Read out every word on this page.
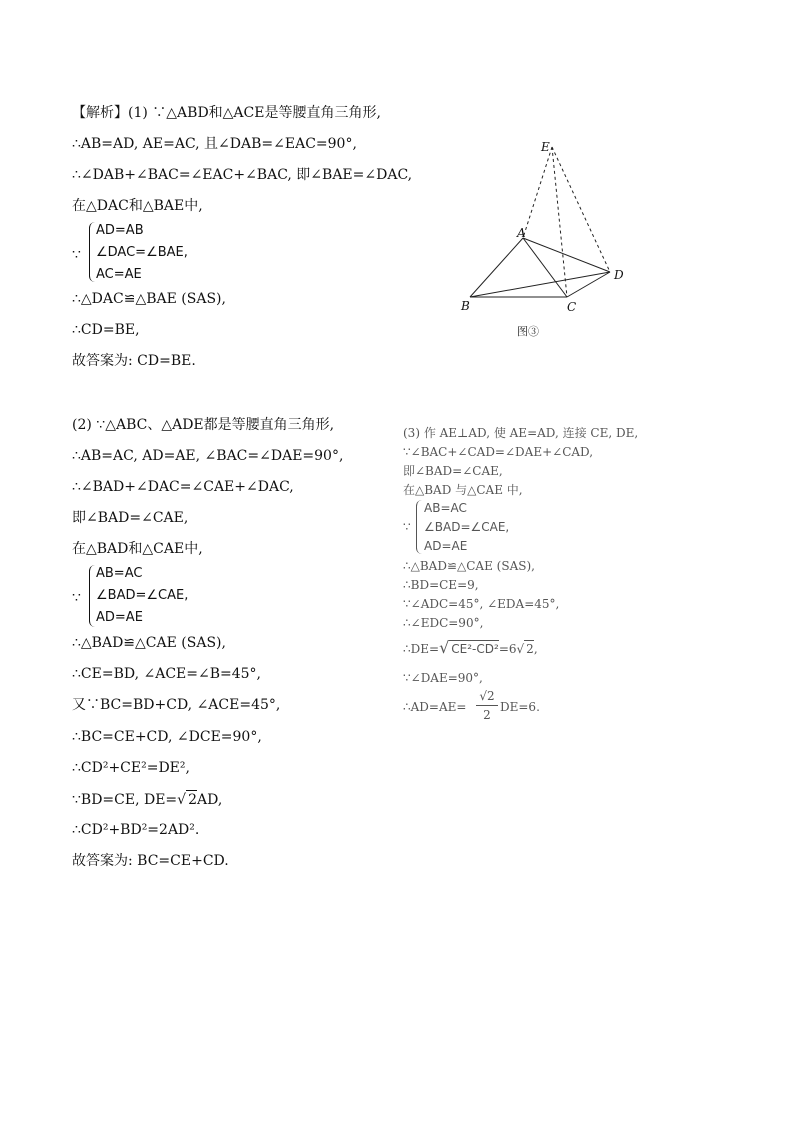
【解析】(1) ∵△ABD和△ACE是等腰直角三角形,
∴AB=AD, AE=AC, 且∠DAB=∠EAC=90°,
∴∠DAB+∠BAC=∠EAC+∠BAC, 即∠BAE=∠DAC,
在△DAC和△BAE中,
∵
AD=AB
∠DAC=∠BAE,
AC=AE
∴△DAC≌△BAE (SAS),
∴CD=BE,
故答案为: CD=BE.
E
A
D
B	C
图③
(2) ∵△ABC、△ADE都是等腰直角三角形,
∴AB=AC, AD=AE, ∠BAC=∠DAE=90°,
∴∠BAD+∠DAC=∠CAE+∠DAC,
即∠BAD=∠CAE,
在△BAD和△CAE中,
∵
AB=AC
∠BAD=∠CAE,
AD=AE
∴△BAD≌△CAE (SAS),
∴CE=BD, ∠ACE=∠B=45°,
又∵BC=BD+CD, ∠ACE=45°,
∴BC=CE+CD, ∠DCE=90°,
∴CD²+CE²=DE²,
∵BD=CE, DE=√ 2AD,
∴CD²+BD²=2AD².
故答案为: BC=CE+CD.
(3) 作 AE⊥AD, 使 AE=AD, 连接 CE, DE,
∵∠BAC+∠CAD=∠DAE+∠CAD,
即∠BAD=∠CAE,
在△BAD 与△CAE 中,
∵
AB=AC
∠BAD=∠CAE,
AD=AE
∴△BAD≌△CAE (SAS),
∴BD=CE=9,
∵∠ADC=45°, ∠EDA=45°,
∴∠EDC=90°,
∴DE=√ CE²-CD²=6√ 2,
∵∠DAE=90°,
∴AD=AE=
√2
2
DE=6.
